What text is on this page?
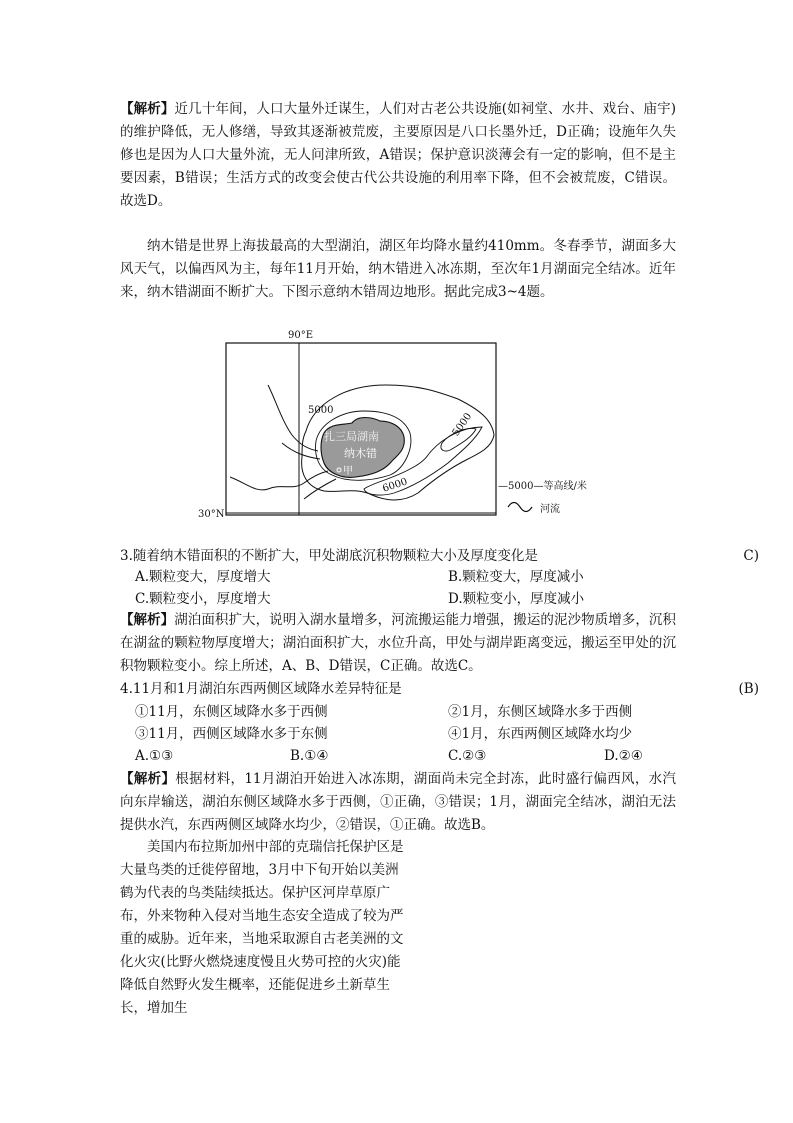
【解析】近几十年间，人口大量外迁谋生，人们对古老公共设施(如祠堂、水井、戏台、庙宇)的维护降低，无人修缮，导致其逐渐被荒废，主要原因是八口长墨外迁，D正确；设施年久失修也是因为人口大量外流，无人问津所致，A错误；保护意识淡薄会有一定的影响，但不是主要因素，B错误；生活方式的改变会使古代公共设施的利用率下降，但不会被荒废，C错误。故选D。

纳木错是世界上海拔最高的大型湖泊，湖区年均降水量约410mm。冬春季节，湖面多大风天气，以偏西风为主，每年11月开始，纳木错进入冰冻期，至次年1月湖面完全结冰。近年来，纳木错湖面不断扩大。下图示意纳木错周边地形。据此完成3~4题。

90°E
30°N
扎三局湖南
纳木错
甲
5000
5000
6000	—5000—等高线/米
河流
3.随着纳木错面积的不断扩大，甲处湖底沉积物颗粒大小及厚度变化是	C)
A.颗粒变大，厚度增大	B.颗粒变大，厚度减小
C.颗粒变小，厚度增大	D.颗粒变小，厚度减小

【解析】湖泊面积扩大，说明入湖水量增多，河流搬运能力增强，搬运的泥沙物质增多，沉积在湖盆的颗粒物厚度增大；湖泊面积扩大，水位升高，甲处与湖岸距离变远，搬运至甲处的沉积物颗粒变小。综上所述，A、B、D错误，C正确。故选C。

4.11月和1月湖泊东西两侧区域降水差异特征是	(B)
①11月，东侧区域降水多于西侧	②1月，东侧区域降水多于西侧
③11月，西侧区域降水多于东侧	④1月，东西两侧区域降水均少
A.①③	B.①④	C.②③	D.②④

【解析】根据材料，11月湖泊开始进入冰冻期，湖面尚未完全封冻，此时盛行偏西风，水汽向东岸输送，湖泊东侧区域降水多于西侧，①正确，③错误；1月，湖面完全结冰，湖泊无法提供水汽，东西两侧区域降水均少，②错误，①正确。故选B。

美国内布拉斯加州中部的克瑞信托保护区是大量鸟类的迁徙停留地，3月中下旬开始以美洲鹤为代表的鸟类陆续抵达。保护区河岸草原广布，外来物种入侵对当地生态安全造成了较为严重的威胁。近年来，当地采取源自古老美洲的文化火灾(比野火燃烧速度慢且火势可控的火灾)能降低自然野火发生概率，还能促进乡土新草生长，增加生
